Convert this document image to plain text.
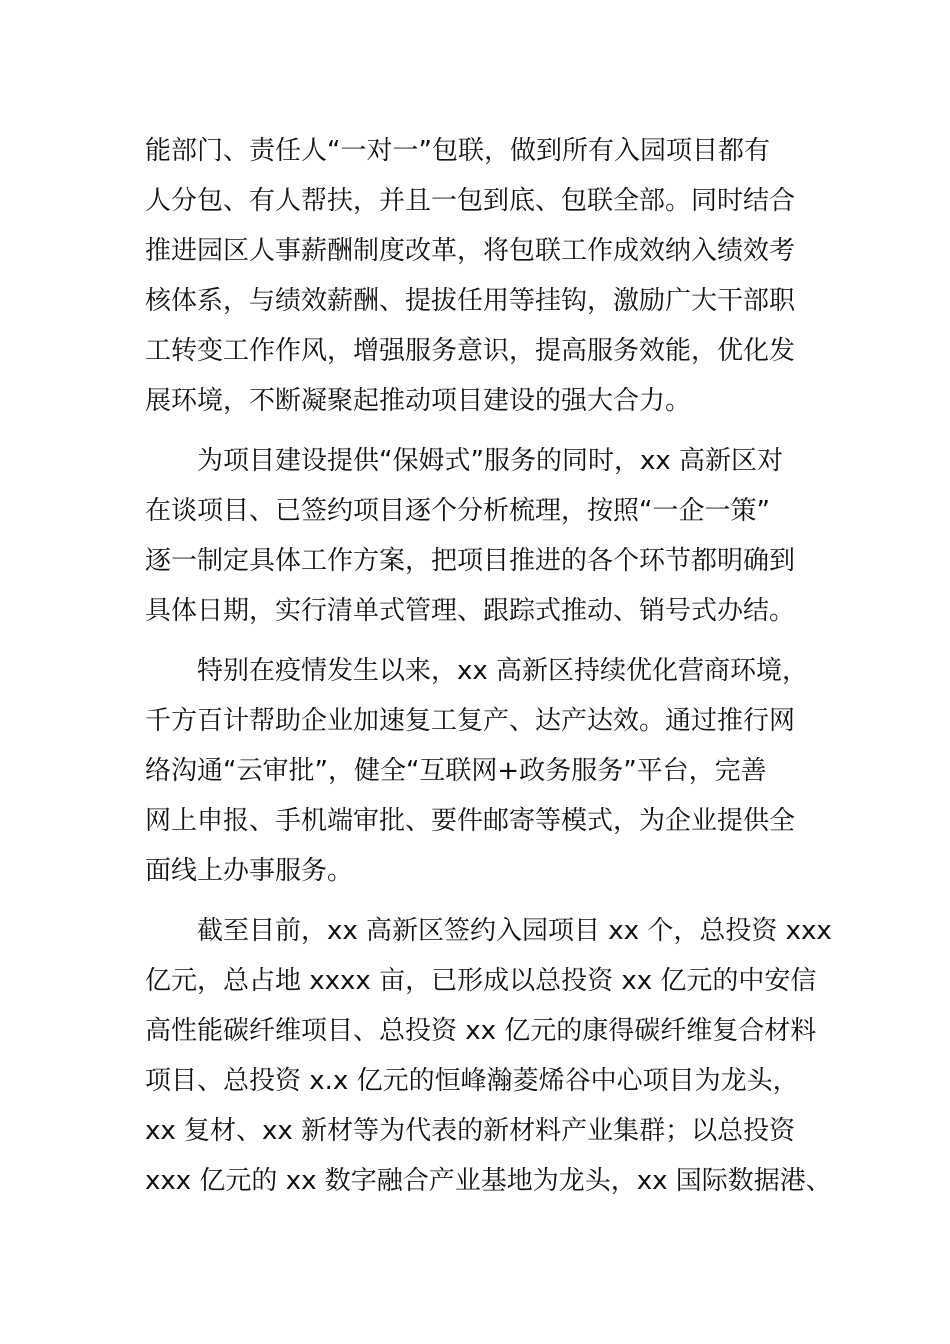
能部门、责任人“一对一”包联，做到所有入园项目都有
人分包、有人帮扶，并且一包到底、包联全部。同时结合
推进园区人事薪酬制度改革，将包联工作成效纳入绩效考
核体系，与绩效薪酬、提拔任用等挂钩，激励广大干部职
工转变工作作风，增强服务意识，提高服务效能，优化发
展环境，不断凝聚起推动项目建设的强大合力。
为项目建设提供“保姆式”服务的同时，xx 高新区对
在谈项目、已签约项目逐个分析梳理，按照“一企一策”
逐一制定具体工作方案，把项目推进的各个环节都明确到
具体日期，实行清单式管理、跟踪式推动、销号式办结。
特别在疫情发生以来，xx 高新区持续优化营商环境，
千方百计帮助企业加速复工复产、达产达效。通过推行网
络沟通“云审批”，健全“互联网+政务服务”平台，完善
网上申报、手机端审批、要件邮寄等模式，为企业提供全
面线上办事服务。
截至目前，xx 高新区签约入园项目 xx 个，总投资 xxx
亿元，总占地 xxxx 亩，已形成以总投资 xx 亿元的中安信
高性能碳纤维项目、总投资 xx 亿元的康得碳纤维复合材料
项目、总投资 x.x 亿元的恒峰瀚菱烯谷中心项目为龙头，
xx 复材、xx 新材等为代表的新材料产业集群；以总投资
xxx 亿元的 xx 数字融合产业基地为龙头，xx 国际数据港、
